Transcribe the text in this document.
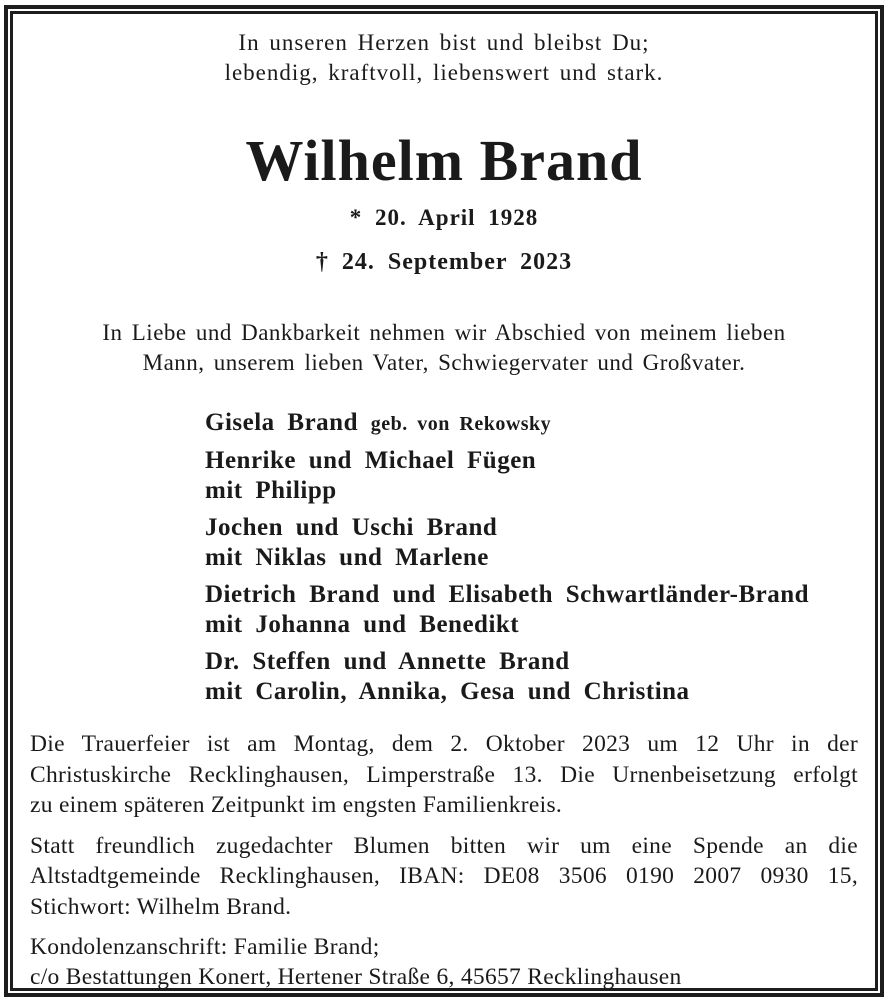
In unseren Herzen bist und bleibst Du;
lebendig, kraftvoll, liebenswert und stark.
Wilhelm Brand
* 20. April 1928
† 24. September 2023
In Liebe und Dankbarkeit nehmen wir Abschied von meinem lieben
Mann, unserem lieben Vater, Schwiegervater und Großvater.
Gisela Brand geb. von Rekowsky
Henrike und Michael Fügen
mit Philipp
Jochen und Uschi Brand
mit Niklas und Marlene
Dietrich Brand und Elisabeth Schwartländer-Brand
mit Johanna und Benedikt
Dr. Steffen und Annette Brand
mit Carolin, Annika, Gesa und Christina
Die Trauerfeier ist am Montag, dem 2. Oktober 2023 um 12 Uhr in der
Christuskirche Recklinghausen, Limperstraße 13. Die Urnenbeisetzung erfolgt
zu einem späteren Zeitpunkt im engsten Familienkreis.
Statt freundlich zugedachter Blumen bitten wir um eine Spende an die
Altstadtgemeinde Recklinghausen, IBAN: DE08 3506 0190 2007 0930 15,
Stichwort: Wilhelm Brand.
Kondolenzanschrift: Familie Brand;
c/o Bestattungen Konert, Hertener Straße 6, 45657 Recklinghausen
